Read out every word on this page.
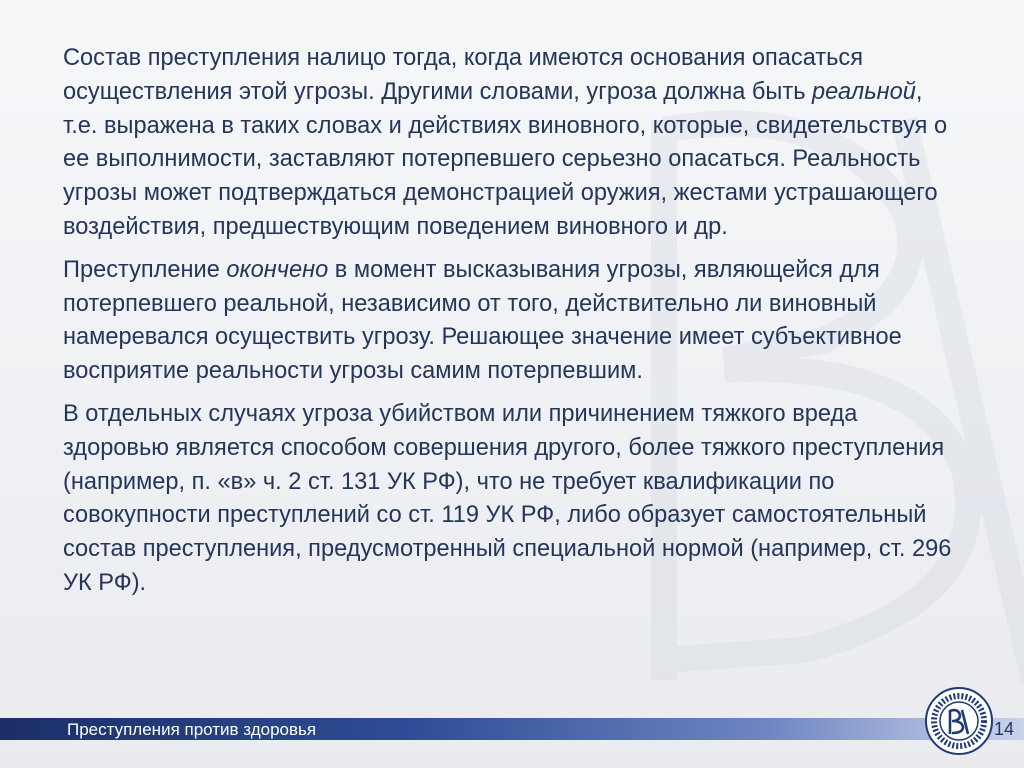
Состав преступления налицо тогда, когда имеются основания опасаться осуществления этой угрозы. Другими словами, угроза должна быть реальной, т.е. выражена в таких словах и действиях виновного, которые, свидетельствуя о ее выполнимости, заставляют потерпевшего серьезно опасаться. Реальность угрозы может подтверждаться демонстрацией оружия, жестами устрашающего воздействия, предшествующим поведением виновного и др.

Преступление окончено в момент высказывания угрозы, являющейся для потерпевшего реальной, независимо от того, действительно ли виновный намеревался осуществить угрозу. Решающее значение имеет субъективное восприятие реальности угрозы самим потерпевшим.

В отдельных случаях угроза убийством или причинением тяжкого вреда здоровью является способом совершения другого, более тяжкого преступления (например, п. «в» ч. 2 ст. 131 УК РФ), что не требует квалификации по совокупности преступлений со ст. 119 УК РФ, либо образует самостоятельный состав преступления, предусмотренный специальной нормой (например, ст. 296 УК РФ).

Преступления против здоровья	14
